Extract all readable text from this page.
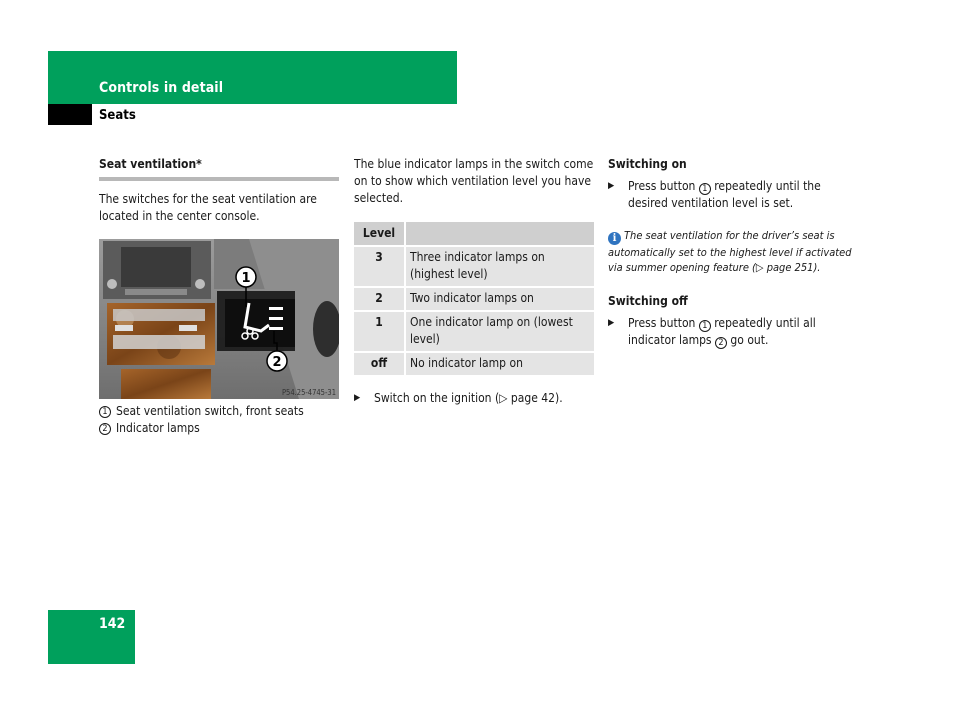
Controls in detail
Seats

Seat ventilation*

The switches for the seat ventilation are located in the center console.

1
2
P54.25-4745-31
1 Seat ventilation switch, front seats
2 Indicator lamps

The blue indicator lamps in the switch come on to show which ventilation level you have selected.

Level	
3	Three indicator lamps on (highest level)
2	Two indicator lamps on
1	One indicator lamp on (lowest level)
off	No indicator lamp on
▶	Switch on the ignition (▷ page 42).

Switching on

▶	Press button 1 repeatedly until the desired ventilation level is set.

i The seat ventilation for the driver’s seat is automatically set to the highest level if activated via summer opening feature (▷ page 251).

Switching off

▶	Press button 1 repeatedly until all indicator lamps 2 go out.
142
